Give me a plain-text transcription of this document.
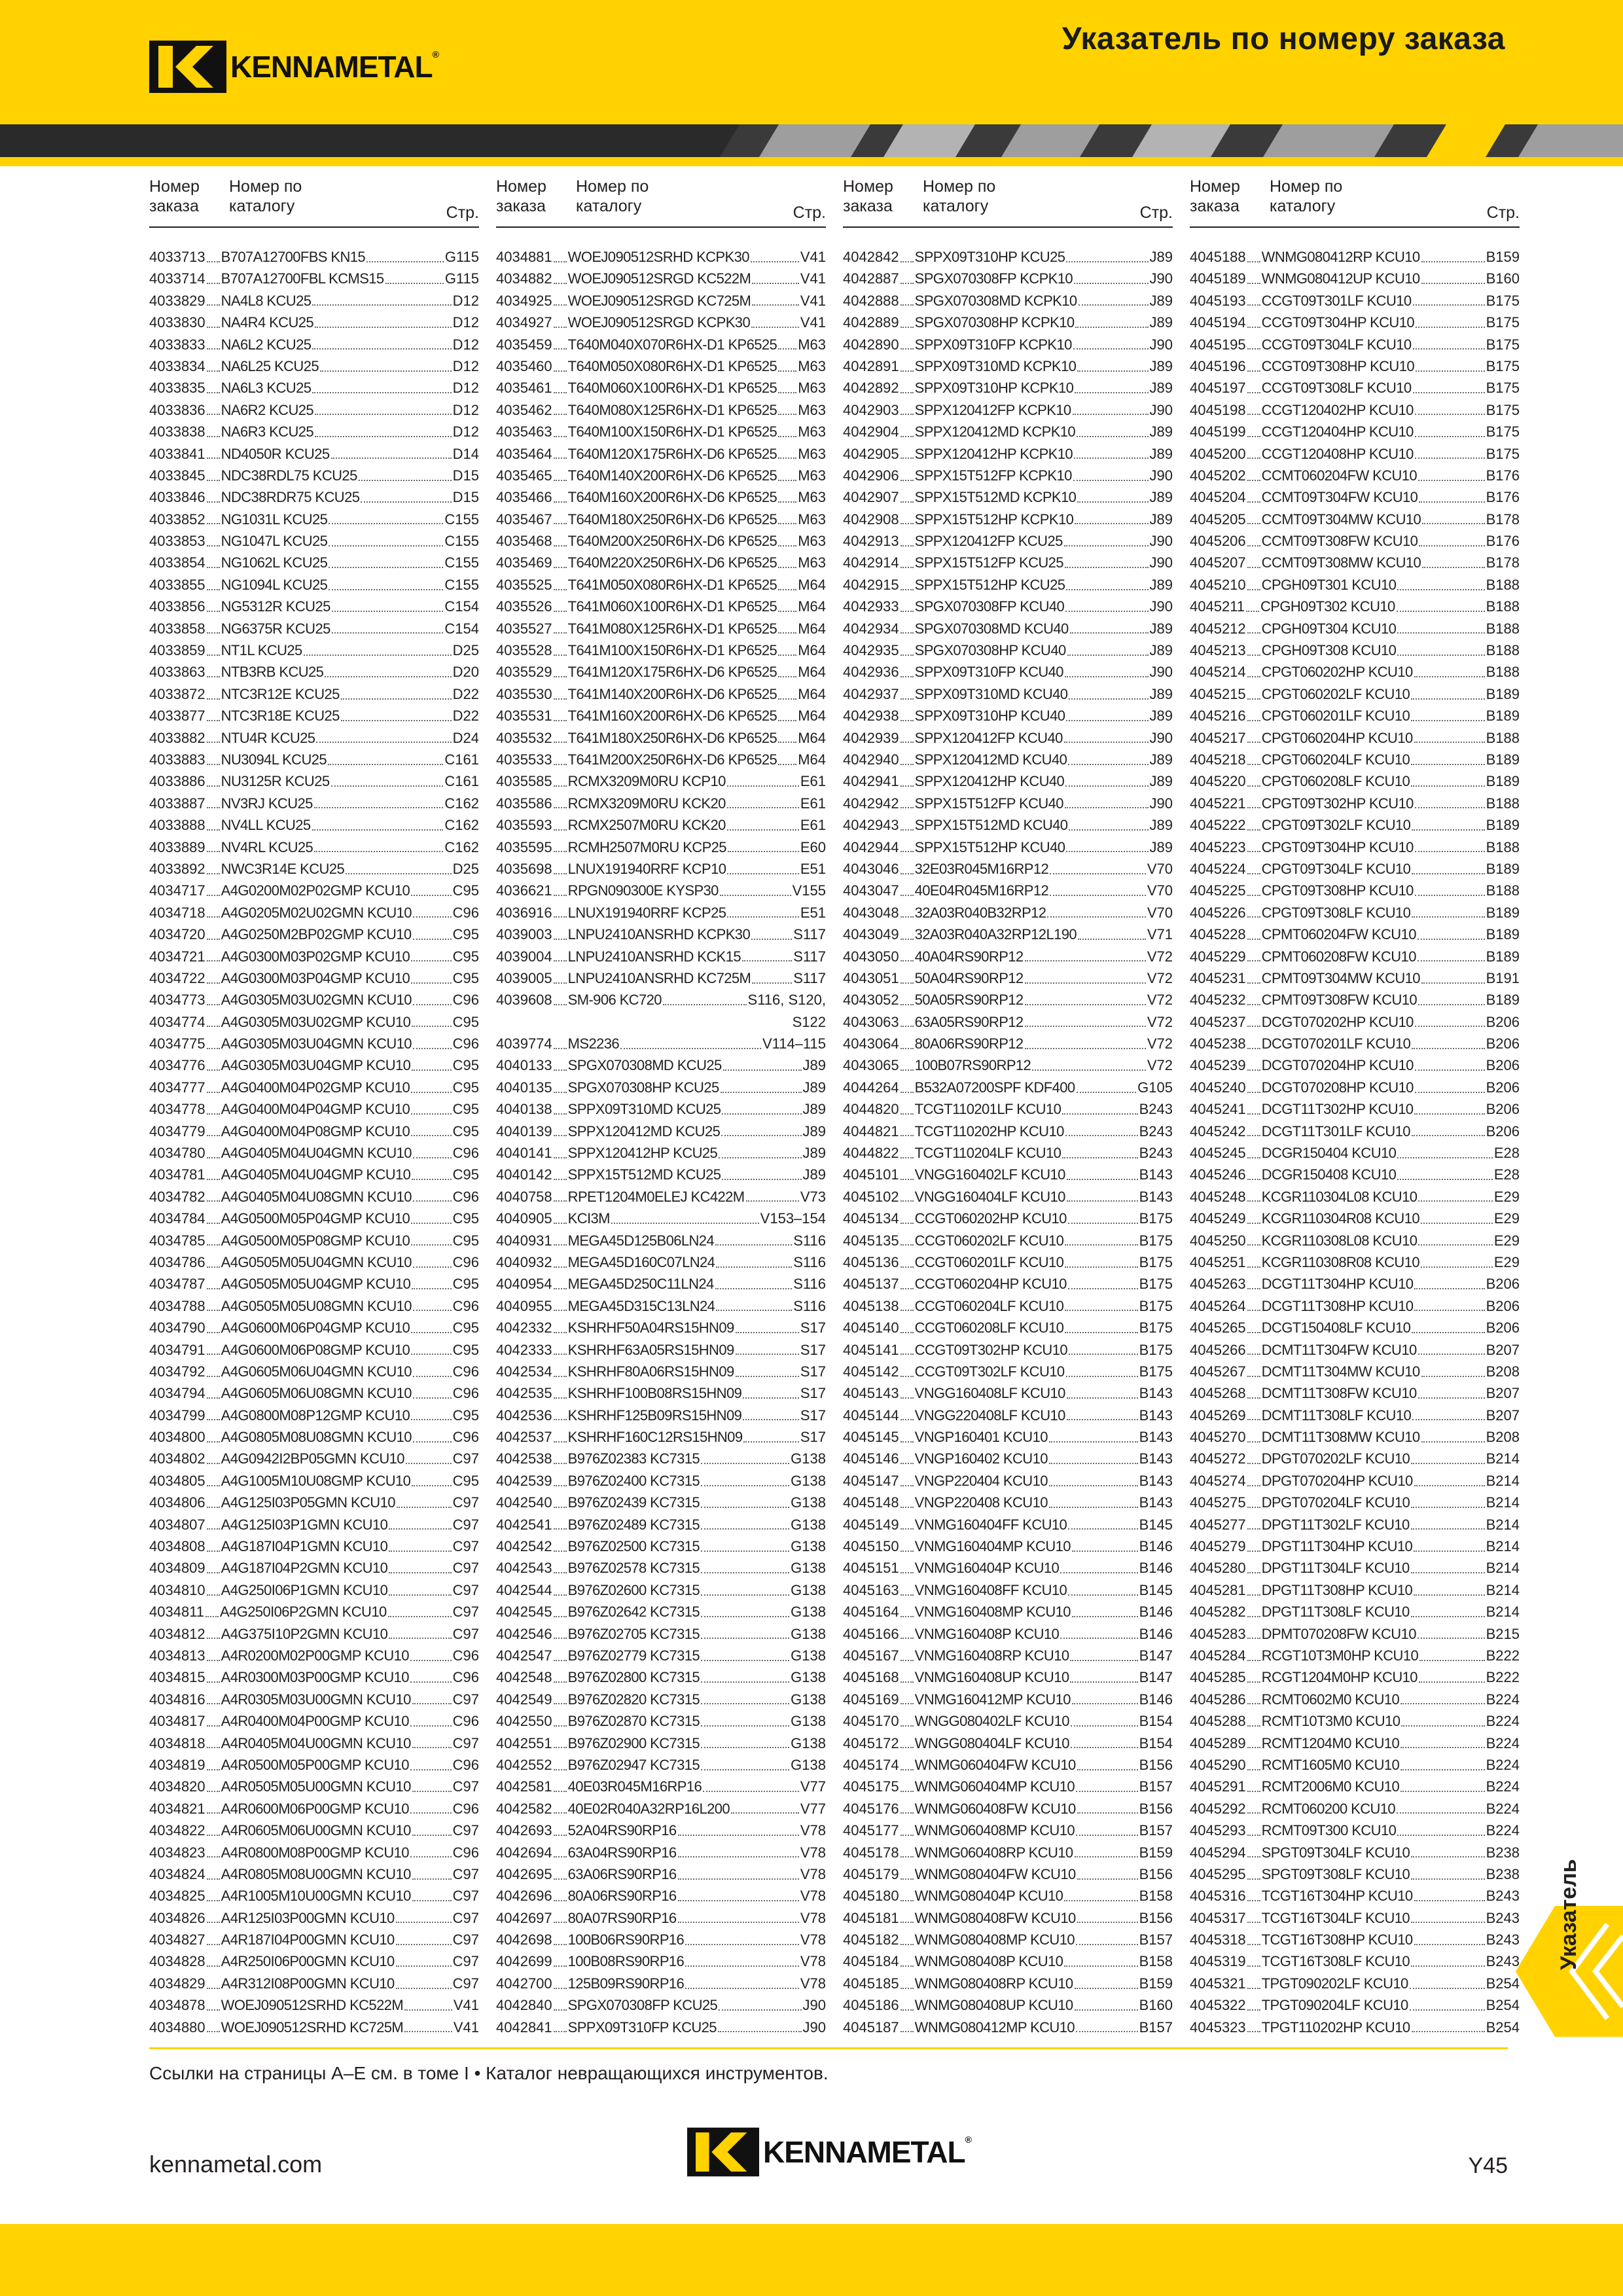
KENNAMETAL®	Указатель по номеру заказа
Номер
заказа
Номер по
каталогу	Стр.
4033713 B707A12700FBS KN15	G115
4033714 B707A12700FBL KCMS15	G115
4033829 NA4L8 KCU25	D12
4033830 NA4R4 KCU25	D12
4033833 NA6L2 KCU25	D12
4033834 NA6L25 KCU25	D12
4033835 NA6L3 KCU25	D12
4033836 NA6R2 KCU25	D12
4033838 NA6R3 KCU25	D12
4033841 ND4050R KCU25	D14
4033845 NDC38RDL75 KCU25	D15
4033846 NDC38RDR75 KCU25	D15
4033852 NG1031L KCU25	C155
4033853 NG1047L KCU25	C155
4033854 NG1062L KCU25	C155
4033855 NG1094L KCU25	C155
4033856 NG5312R KCU25	C154
4033858 NG6375R KCU25	C154
4033859 NT1L KCU25	D25
4033863 NTB3RB KCU25	D20
4033872 NTC3R12E KCU25	D22
4033877 NTC3R18E KCU25	D22
4033882 NTU4R KCU25	D24
4033883 NU3094L KCU25	C161
4033886 NU3125R KCU25	C161
4033887 NV3RJ KCU25	C162
4033888 NV4LL KCU25	C162
4033889 NV4RL KCU25	C162
4033892 NWC3R14E KCU25	D25
4034717 A4G0200M02P02GMP KCU10	C95
4034718 A4G0205M02U02GMN KCU10	C96
4034720 A4G0250M2BP02GMP KCU10	C95
4034721 A4G0300M03P02GMP KCU10	C95
4034722 A4G0300M03P04GMP KCU10	C95
4034773 A4G0305M03U02GMN KCU10	C96
4034774 A4G0305M03U02GMP KCU10	C95
4034775 A4G0305M03U04GMN KCU10	C96
4034776 A4G0305M03U04GMP KCU10	C95
4034777 A4G0400M04P02GMP KCU10	C95
4034778 A4G0400M04P04GMP KCU10	C95
4034779 A4G0400M04P08GMP KCU10	C95
4034780 A4G0405M04U04GMN KCU10	C96
4034781 A4G0405M04U04GMP KCU10	C95
4034782 A4G0405M04U08GMN KCU10	C96
4034784 A4G0500M05P04GMP KCU10	C95
4034785 A4G0500M05P08GMP KCU10	C95
4034786 A4G0505M05U04GMN KCU10	C96
4034787 A4G0505M05U04GMP KCU10	C95
4034788 A4G0505M05U08GMN KCU10	C96
4034790 A4G0600M06P04GMP KCU10	C95
4034791 A4G0600M06P08GMP KCU10	C95
4034792 A4G0605M06U04GMN KCU10	C96
4034794 A4G0605M06U08GMN KCU10	C96
4034799 A4G0800M08P12GMP KCU10	C95
4034800 A4G0805M08U08GMN KCU10	C96
4034802 A4G0942I2BP05GMN KCU10	C97
4034805 A4G1005M10U08GMP KCU10	C95
4034806 A4G125I03P05GMN KCU10	C97
4034807 A4G125I03P1GMN KCU10	C97
4034808 A4G187I04P1GMN KCU10	C97
4034809 A4G187I04P2GMN KCU10	C97
4034810 A4G250I06P1GMN KCU10	C97
4034811 A4G250I06P2GMN KCU10	C97
4034812 A4G375I10P2GMN KCU10	C97
4034813 A4R0200M02P00GMP KCU10	C96
4034815 A4R0300M03P00GMP KCU10	C96
4034816 A4R0305M03U00GMN KCU10	C97
4034817 A4R0400M04P00GMP KCU10	C96
4034818 A4R0405M04U00GMN KCU10	C97
4034819 A4R0500M05P00GMP KCU10	C96
4034820 A4R0505M05U00GMN KCU10	C97
4034821 A4R0600M06P00GMP KCU10	C96
4034822 A4R0605M06U00GMN KCU10	C97
4034823 A4R0800M08P00GMP KCU10	C96
4034824 A4R0805M08U00GMN KCU10	C97
4034825 A4R1005M10U00GMN KCU10	C97
4034826 A4R125I03P00GMN KCU10	C97
4034827 A4R187I04P00GMN KCU10	C97
4034828 A4R250I06P00GMN KCU10	C97
4034829 A4R312I08P00GMN KCU10	C97
4034878 WOEJ090512SRHD KC522M	V41
4034880 WOEJ090512SRHD KC725M	V41
Номер
заказа
Номер по
каталогу	Стр.
4034881 WOEJ090512SRHD KCPK30	V41
4034882 WOEJ090512SRGD KC522M	V41
4034925 WOEJ090512SRGD KC725M	V41
4034927 WOEJ090512SRGD KCPK30	V41
4035459 T640M040X070R6HX-D1 KP6525 M63
4035460 T640M050X080R6HX-D1 KP6525 M63
4035461 T640M060X100R6HX-D1 KP6525 M63
4035462 T640M080X125R6HX-D1 KP6525 M63
4035463 T640M100X150R6HX-D1 KP6525 M63
4035464 T640M120X175R6HX-D6 KP6525 M63
4035465 T640M140X200R6HX-D6 KP6525 M63
4035466 T640M160X200R6HX-D6 KP6525 M63
4035467 T640M180X250R6HX-D6 KP6525 M63
4035468 T640M200X250R6HX-D6 KP6525 M63
4035469 T640M220X250R6HX-D6 KP6525 M63
4035525 T641M050X080R6HX-D1 KP6525 M64
4035526 T641M060X100R6HX-D1 KP6525 M64
4035527 T641M080X125R6HX-D1 KP6525 M64
4035528 T641M100X150R6HX-D1 KP6525 M64
4035529 T641M120X175R6HX-D6 KP6525 M64
4035530 T641M140X200R6HX-D6 KP6525 M64
4035531 T641M160X200R6HX-D6 KP6525 M64
4035532 T641M180X250R6HX-D6 KP6525 M64
4035533 T641M200X250R6HX-D6 KP6525 M64
4035585 RCMX3209M0RU KCP10	E61
4035586 RCMX3209M0RU KCK20	E61
4035593 RCMX2507M0RU KCK20	E61
4035595 RCMH2507M0RU KCP25	E60
4035698 LNUX191940RRF KCP10	E51
4036621 RPGN090300E KYSP30	V155
4036916 LNUX191940RRF KCP25	E51
4039003 LNPU2410ANSRHD KCPK30	S117
4039004 LNPU2410ANSRHD KCK15	S117
4039005 LNPU2410ANSRHD KC725M	S117
4039608 SM-906 KC720	S116, S120,
S122
4039774 MS2236	V114–115
4040133 SPGX070308MD KCU25	J89
4040135 SPGX070308HP KCU25	J89
4040138 SPPX09T310MD KCU25	J89
4040139 SPPX120412MD KCU25	J89
4040141 SPPX120412HP KCU25	J89
4040142 SPPX15T512MD KCU25	J89
4040758 RPET1204M0ELEJ KC422M	V73
4040905 KCI3M	V153–154
4040931 MEGA45D125B06LN24	S116
4040932 MEGA45D160C07LN24	S116
4040954 MEGA45D250C11LN24	S116
4040955 MEGA45D315C13LN24	S116
4042332 KSHRHF50A04RS15HN09	S17
4042333 KSHRHF63A05RS15HN09	S17
4042534 KSHRHF80A06RS15HN09	S17
4042535 KSHRHF100B08RS15HN09	S17
4042536 KSHRHF125B09RS15HN09	S17
4042537 KSHRHF160C12RS15HN09	S17
4042538 B976Z02383 KC7315	G138
4042539 B976Z02400 KC7315	G138
4042540 B976Z02439 KC7315	G138
4042541 B976Z02489 KC7315	G138
4042542 B976Z02500 KC7315	G138
4042543 B976Z02578 KC7315	G138
4042544 B976Z02600 KC7315	G138
4042545 B976Z02642 KC7315	G138
4042546 B976Z02705 KC7315	G138
4042547 B976Z02779 KC7315	G138
4042548 B976Z02800 KC7315	G138
4042549 B976Z02820 KC7315	G138
4042550 B976Z02870 KC7315	G138
4042551 B976Z02900 KC7315	G138
4042552 B976Z02947 KC7315	G138
4042581 40E03R045M16RP16	V77
4042582 40E02R040A32RP16L200	V77
4042693 52A04RS90RP16	V78
4042694 63A04RS90RP16	V78
4042695 63A06RS90RP16	V78
4042696 80A06RS90RP16	V78
4042697 80A07RS90RP16	V78
4042698 100B06RS90RP16	V78
4042699 100B08RS90RP16	V78
4042700 125B09RS90RP16	V78
4042840 SPGX070308FP KCU25	J90
4042841 SPPX09T310FP KCU25	J90
Номер
заказа
Номер по
каталогу	Стр.
4042842 SPPX09T310HP KCU25	J89
4042887 SPGX070308FP KCPK10	J90
4042888 SPGX070308MD KCPK10	J89
4042889 SPGX070308HP KCPK10	J89
4042890 SPPX09T310FP KCPK10	J90
4042891 SPPX09T310MD KCPK10	J89
4042892 SPPX09T310HP KCPK10	J89
4042903 SPPX120412FP KCPK10	J90
4042904 SPPX120412MD KCPK10	J89
4042905 SPPX120412HP KCPK10	J89
4042906 SPPX15T512FP KCPK10	J90
4042907 SPPX15T512MD KCPK10	J89
4042908 SPPX15T512HP KCPK10	J89
4042913 SPPX120412FP KCU25	J90
4042914 SPPX15T512FP KCU25	J90
4042915 SPPX15T512HP KCU25	J89
4042933 SPGX070308FP KCU40	J90
4042934 SPGX070308MD KCU40	J89
4042935 SPGX070308HP KCU40	J89
4042936 SPPX09T310FP KCU40	J90
4042937 SPPX09T310MD KCU40	J89
4042938 SPPX09T310HP KCU40	J89
4042939 SPPX120412FP KCU40	J90
4042940 SPPX120412MD KCU40	J89
4042941 SPPX120412HP KCU40	J89
4042942 SPPX15T512FP KCU40	J90
4042943 SPPX15T512MD KCU40	J89
4042944 SPPX15T512HP KCU40	J89
4043046 32E03R045M16RP12	V70
4043047 40E04R045M16RP12	V70
4043048 32A03R040B32RP12	V70
4043049 32A03R040A32RP12L190	V71
4043050 40A04RS90RP12	V72
4043051 50A04RS90RP12	V72
4043052 50A05RS90RP12	V72
4043063 63A05RS90RP12	V72
4043064 80A06RS90RP12	V72
4043065 100B07RS90RP12	V72
4044264 B532A07200SPF KDF400	G105
4044820 TCGT110201LF KCU10	B243
4044821 TCGT110202HP KCU10	B243
4044822 TCGT110204LF KCU10	B243
4045101 VNGG160402LF KCU10	B143
4045102 VNGG160404LF KCU10	B143
4045134 CCGT060202HP KCU10	B175
4045135 CCGT060202LF KCU10	B175
4045136 CCGT060201LF KCU10	B175
4045137 CCGT060204HP KCU10	B175
4045138 CCGT060204LF KCU10	B175
4045140 CCGT060208LF KCU10	B175
4045141 CCGT09T302HP KCU10	B175
4045142 CCGT09T302LF KCU10	B175
4045143 VNGG160408LF KCU10	B143
4045144 VNGG220408LF KCU10	B143
4045145 VNGP160401 KCU10	B143
4045146 VNGP160402 KCU10	B143
4045147 VNGP220404 KCU10	B143
4045148 VNGP220408 KCU10	B143
4045149 VNMG160404FF KCU10	B145
4045150 VNMG160404MP KCU10	B146
4045151 VNMG160404P KCU10	B146
4045163 VNMG160408FF KCU10	B145
4045164 VNMG160408MP KCU10	B146
4045166 VNMG160408P KCU10	B146
4045167 VNMG160408RP KCU10	B147
4045168 VNMG160408UP KCU10	B147
4045169 VNMG160412MP KCU10	B146
4045170 WNGG080402LF KCU10	B154
4045172 WNGG080404LF KCU10	B154
4045174 WNMG060404FW KCU10	B156
4045175 WNMG060404MP KCU10	B157
4045176 WNMG060408FW KCU10	B156
4045177 WNMG060408MP KCU10	B157
4045178 WNMG060408RP KCU10	B159
4045179 WNMG080404FW KCU10	B156
4045180 WNMG080404P KCU10	B158
4045181 WNMG080408FW KCU10	B156
4045182 WNMG080408MP KCU10	B157
4045184 WNMG080408P KCU10	B158
4045185 WNMG080408RP KCU10	B159
4045186 WNMG080408UP KCU10	B160
4045187 WNMG080412MP KCU10	B157
Номер
заказа
Номер по
каталогу	Стр.
4045188 WNMG080412RP KCU10	B159
4045189 WNMG080412UP KCU10	B160
4045193 CCGT09T301LF KCU10	B175
4045194 CCGT09T304HP KCU10	B175
4045195 CCGT09T304LF KCU10	B175
4045196 CCGT09T308HP KCU10	B175
4045197 CCGT09T308LF KCU10	B175
4045198 CCGT120402HP KCU10	B175
4045199 CCGT120404HP KCU10	B175
4045200 CCGT120408HP KCU10	B175
4045202 CCMT060204FW KCU10	B176
4045204 CCMT09T304FW KCU10	B176
4045205 CCMT09T304MW KCU10	B178
4045206 CCMT09T308FW KCU10	B176
4045207 CCMT09T308MW KCU10	B178
4045210 CPGH09T301 KCU10	B188
4045211 CPGH09T302 KCU10	B188
4045212 CPGH09T304 KCU10	B188
4045213 CPGH09T308 KCU10	B188
4045214 CPGT060202HP KCU10	B188
4045215 CPGT060202LF KCU10	B189
4045216 CPGT060201LF KCU10	B189
4045217 CPGT060204HP KCU10	B188
4045218 CPGT060204LF KCU10	B189
4045220 CPGT060208LF KCU10	B189
4045221 CPGT09T302HP KCU10	B188
4045222 CPGT09T302LF KCU10	B189
4045223 CPGT09T304HP KCU10	B188
4045224 CPGT09T304LF KCU10	B189
4045225 CPGT09T308HP KCU10	B188
4045226 CPGT09T308LF KCU10	B189
4045228 CPMT060204FW KCU10	B189
4045229 CPMT060208FW KCU10	B189
4045231 CPMT09T304MW KCU10	B191
4045232 CPMT09T308FW KCU10	B189
4045237 DCGT070202HP KCU10	B206
4045238 DCGT070201LF KCU10	B206
4045239 DCGT070204HP KCU10	B206
4045240 DCGT070208HP KCU10	B206
4045241 DCGT11T302HP KCU10	B206
4045242 DCGT11T301LF KCU10	B206
4045245 DCGR150404 KCU10	E28
4045246 DCGR150408 KCU10	E28
4045248 KCGR110304L08 KCU10	E29
4045249 KCGR110304R08 KCU10	E29
4045250 KCGR110308L08 KCU10	E29
4045251 KCGR110308R08 KCU10	E29
4045263 DCGT11T304HP KCU10	B206
4045264 DCGT11T308HP KCU10	B206
4045265 DCGT150408LF KCU10	B206
4045266 DCMT11T304FW KCU10	B207
4045267 DCMT11T304MW KCU10	B208
4045268 DCMT11T308FW KCU10	B207
4045269 DCMT11T308LF KCU10	B207
4045270 DCMT11T308MW KCU10	B208
4045272 DPGT070202LF KCU10	B214
4045274 DPGT070204HP KCU10	B214
4045275 DPGT070204LF KCU10	B214
4045277 DPGT11T302LF KCU10	B214
4045279 DPGT11T304HP KCU10	B214
4045280 DPGT11T304LF KCU10	B214
4045281 DPGT11T308HP KCU10	B214
4045282 DPGT11T308LF KCU10	B214
4045283 DPMT070208FW KCU10	B215
4045284 RCGT10T3M0HP KCU10	B222
4045285 RCGT1204M0HP KCU10	B222
4045286 RCMT0602M0 KCU10	B224
4045288 RCMT10T3M0 KCU10	B224
4045289 RCMT1204M0 KCU10	B224
4045290 RCMT1605M0 KCU10	B224
4045291 RCMT2006M0 KCU10	B224
4045292 RCMT060200 KCU10	B224
4045293 RCMT09T300 KCU10	B224
4045294 SPGT09T304LF KCU10	B238
4045295 SPGT09T308LF KCU10	B238
4045316 TCGT16T304HP KCU10	B243
4045317 TCGT16T304LF KCU10	B243
4045318 TCGT16T308HP KCU10	B243
4045319 TCGT16T308LF KCU10	B243
4045321 TPGT090202LF KCU10	B254
4045322 TPGT090204LF KCU10	B254
4045323 TPGT110202HP KCU10	B254
Указатель

Ссылки на страницы A–E см. в томе I • Каталог невращающихся инструментов.

kennametal.com	KENNAMETAL®

Y45
